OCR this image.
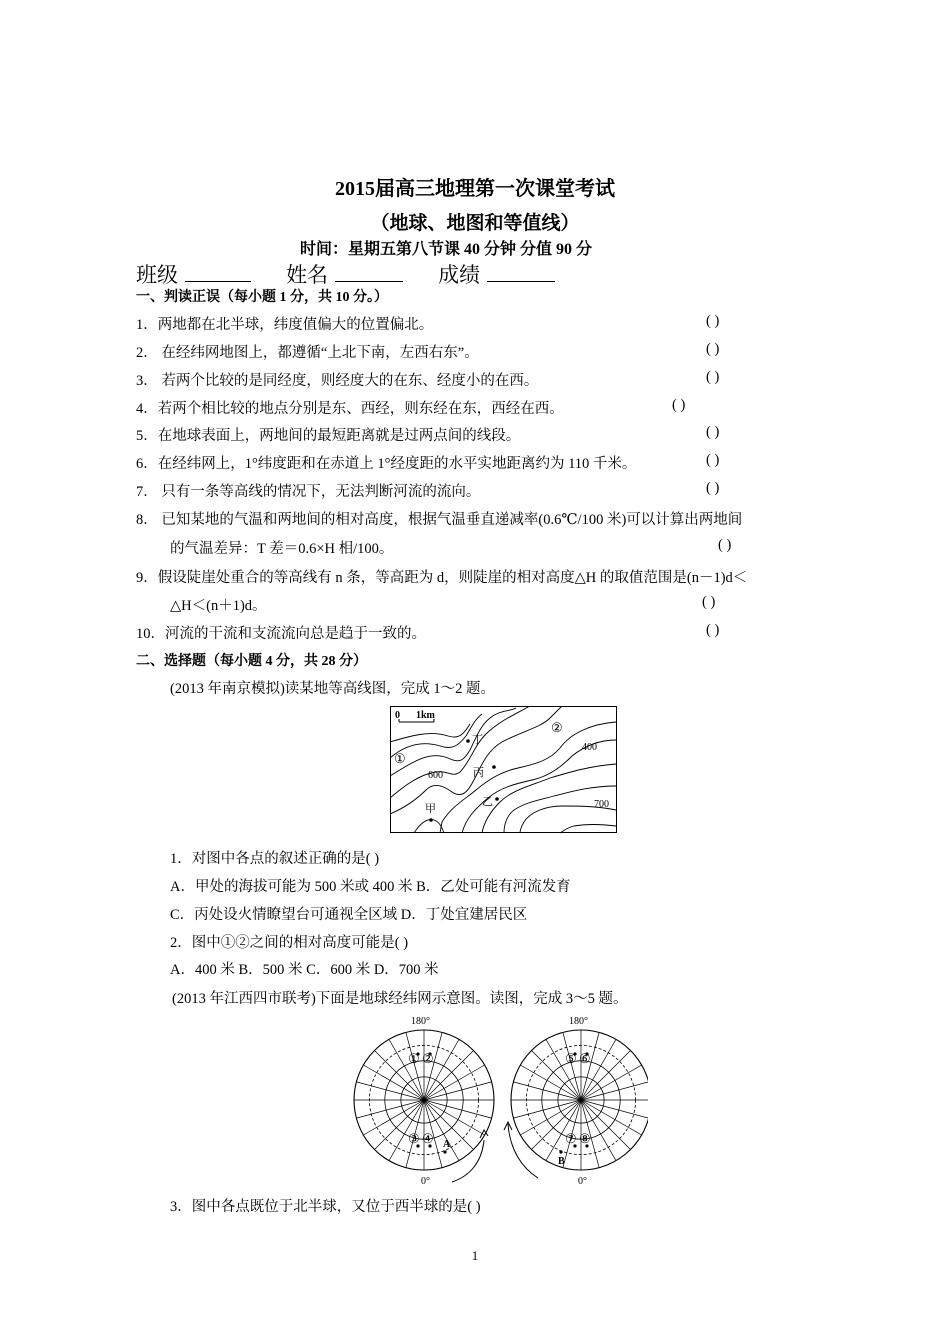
2015届高三地理第一次课堂考试
（地球、地图和等值线）
时间：星期五第八节课 40 分钟 分值 90 分
班级	姓名	成绩
一、判读正误（每小题 1 分，共 10 分。）
1．两地都在北半球，纬度值偏大的位置偏北。	( )
2． 在经纬网地图上，都遵循“上北下南，左西右东”。	( )
3． 若两个比较的是同经度，则经度大的在东、经度小的在西。	( )
4．若两个相比较的地点分别是东、西经，则东经在东，西经在西。	( )
5．在地球表面上，两地间的最短距离就是过两点间的线段。	( )
6．在经纬网上，1°纬度距和在赤道上 1°经度距的水平实地距离约为 110 千米。	( )
7． 只有一条等高线的情况下，无法判断河流的流向。	( )
8． 已知某地的气温和两地间的相对高度，根据气温垂直递减率(0.6℃/100 米)可以计算出两地间
的气温差异：T 差＝0.6×H 相/100。	( )
9．假设陡崖处重合的等高线有 n 条，等高距为 d，则陡崖的相对高度△H 的取值范围是(n－1)d＜
△H＜(n＋1)d。	( )
10．河流的干流和支流流向总是趋于一致的。	( )
二、选择题（每小题 4 分，共 28 分）
(2013 年南京模拟)读某地等高线图，完成 1～2 题。
0 1km
①
②
甲
乙
丙
丁
400
600
700
1．对图中各点的叙述正确的是( )
A．甲处的海拔可能为 500 米或 400 米 B．乙处可能有河流发育
C．丙处设火情瞭望台可通视全区域 D．丁处宜建居民区
2．图中①②之间的相对高度可能是( )
A．400 米 B．500 米 C．600 米 D．700 米
(2013 年江西四市联考)下面是地球经纬网示意图。读图，完成 3～5 题。
180°
0°
180°
0°
① ②
③ ④ A
⑤ ⑥
⑦ ⑧
B
3．图中各点既位于北半球，又位于西半球的是( )
1
